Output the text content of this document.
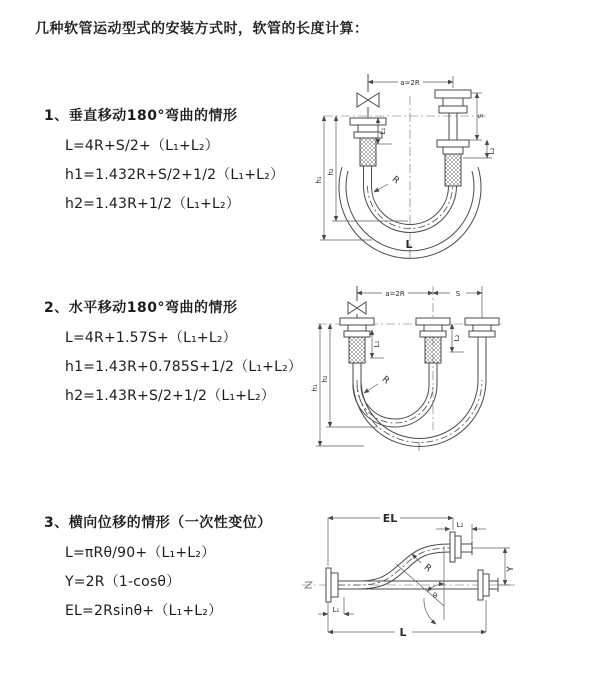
几种软管运动型式的安装方式时，软管的长度计算：
1、垂直移动180°弯曲的情形
L=4R+S/2+（L₁+L₂）
h1=1.432R+S/2+1/2（L₁+L₂）
h2=1.43R+1/2（L₁+L₂）
2、水平移动180°弯曲的情形
L=4R+1.57S+（L₁+L₂）
h1=1.43R+0.785S+1/2（L₁+L₂）
h2=1.43R+S/2+1/2（L₁+L₂）
3、横向位移的情形（一次性变位）
L=πRθ/90+（L₁+L₂）
Y=2R（1-cosθ）
EL=2Rsinθ+（L₁+L₂）
a=2R
h₁
h₂
L₁
S
L₂
R
L
a=2R	S
h₁
h₂
L₁
L₂
R
EL	L₂
θ
R	Y
L₁
L
